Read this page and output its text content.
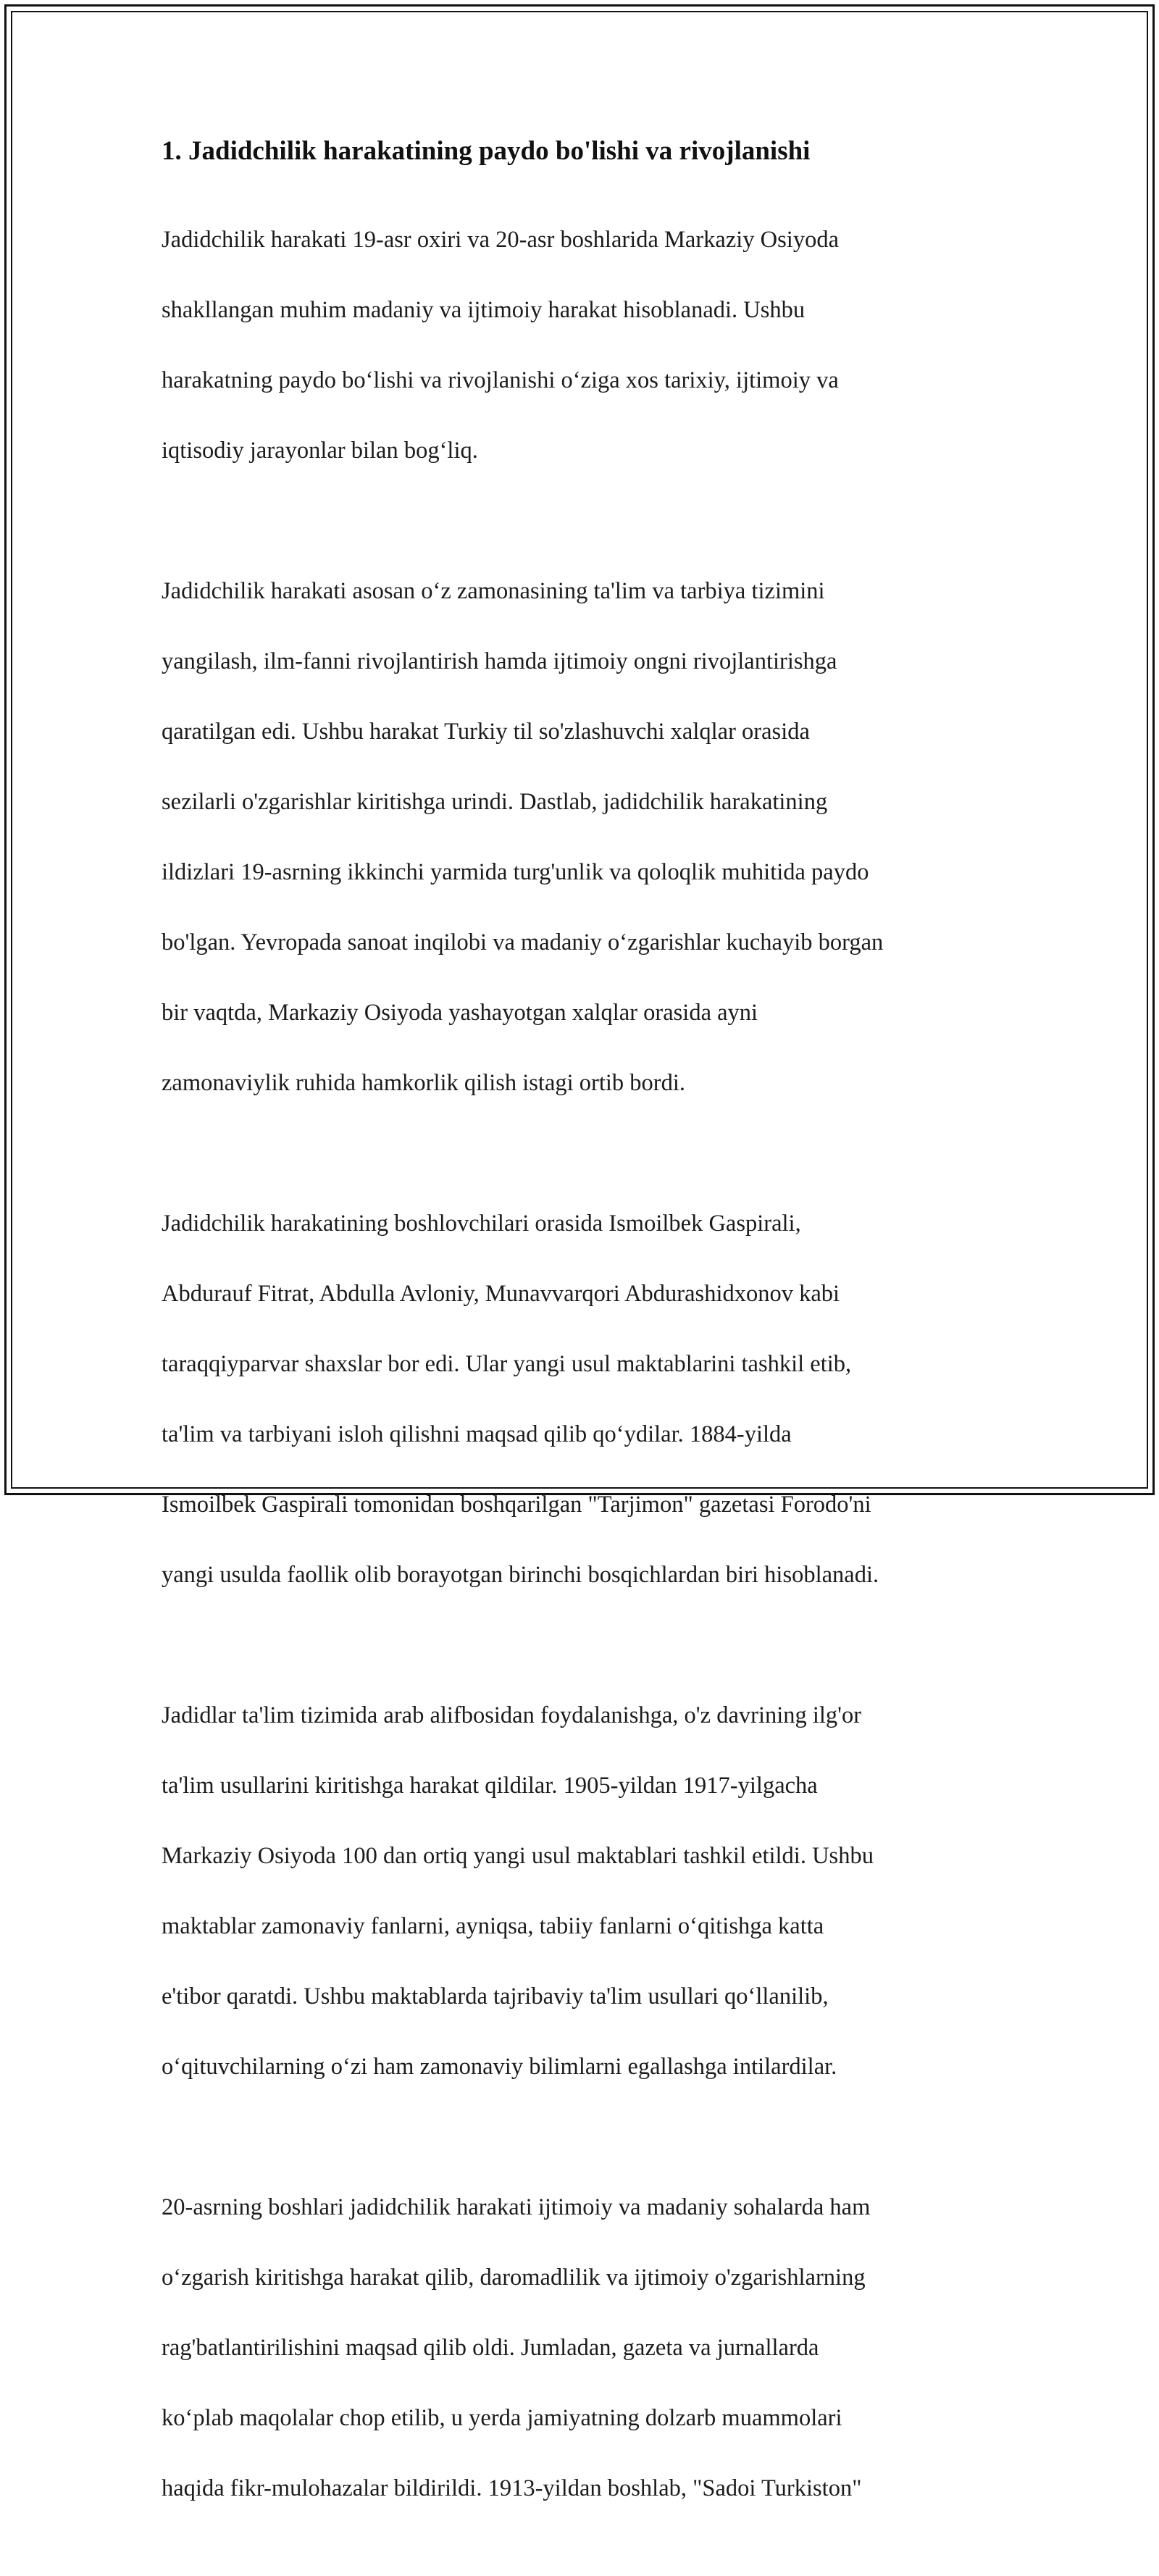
1. Jadidchilik harakatining paydo bo'lishi va rivojlanishi

Jadidchilik harakati 19-asr oxiri va 20-asr boshlarida Markaziy Osiyoda

shakllangan muhim madaniy va ijtimoiy harakat hisoblanadi. Ushbu

harakatning paydo boʻlishi va rivojlanishi oʻziga xos tarixiy, ijtimoiy va

iqtisodiy jarayonlar bilan bogʻliq.

Jadidchilik harakati asosan oʻz zamonasining ta'lim va tarbiya tizimini

yangilash, ilm-fanni rivojlantirish hamda ijtimoiy ongni rivojlantirishga

qaratilgan edi. Ushbu harakat Turkiy til so'zlashuvchi xalqlar orasida

sezilarli o'zgarishlar kiritishga urindi. Dastlab, jadidchilik harakatining

ildizlari 19-asrning ikkinchi yarmida turg'unlik va qoloqlik muhitida paydo

bo'lgan. Yevropada sanoat inqilobi va madaniy oʻzgarishlar kuchayib borgan

bir vaqtda, Markaziy Osiyoda yashayotgan xalqlar orasida ayni

zamonaviylik ruhida hamkorlik qilish istagi ortib bordi.

Jadidchilik harakatining boshlovchilari orasida Ismoilbek Gaspirali,

Abdurauf Fitrat, Abdulla Avloniy, Munavvarqori Abdurashidxonov kabi

taraqqiyparvar shaxslar bor edi. Ular yangi usul maktablarini tashkil etib,

ta'lim va tarbiyani isloh qilishni maqsad qilib qoʻydilar. 1884-yilda

Ismoilbek Gaspirali tomonidan boshqarilgan "Tarjimon" gazetasi Forodo'ni

yangi usulda faollik olib borayotgan birinchi bosqichlardan biri hisoblanadi.

Jadidlar ta'lim tizimida arab alifbosidan foydalanishga, o'z davrining ilg'or

ta'lim usullarini kiritishga harakat qildilar. 1905-yildan 1917-yilgacha

Markaziy Osiyoda 100 dan ortiq yangi usul maktablari tashkil etildi. Ushbu

maktablar zamonaviy fanlarni, ayniqsa, tabiiy fanlarni oʻqitishga katta

e'tibor qaratdi. Ushbu maktablarda tajribaviy ta'lim usullari qoʻllanilib,

oʻqituvchilarning oʻzi ham zamonaviy bilimlarni egallashga intilardilar.

20-asrning boshlari jadidchilik harakati ijtimoiy va madaniy sohalarda ham

oʻzgarish kiritishga harakat qilib, daromadlilik va ijtimoiy o'zgarishlarning

rag'batlantirilishini maqsad qilib oldi. Jumladan, gazeta va jurnallarda

koʻplab maqolalar chop etilib, u yerda jamiyatning dolzarb muammolari

haqida fikr-mulohazalar bildirildi. 1913-yildan boshlab, "Sadoi Turkiston"
